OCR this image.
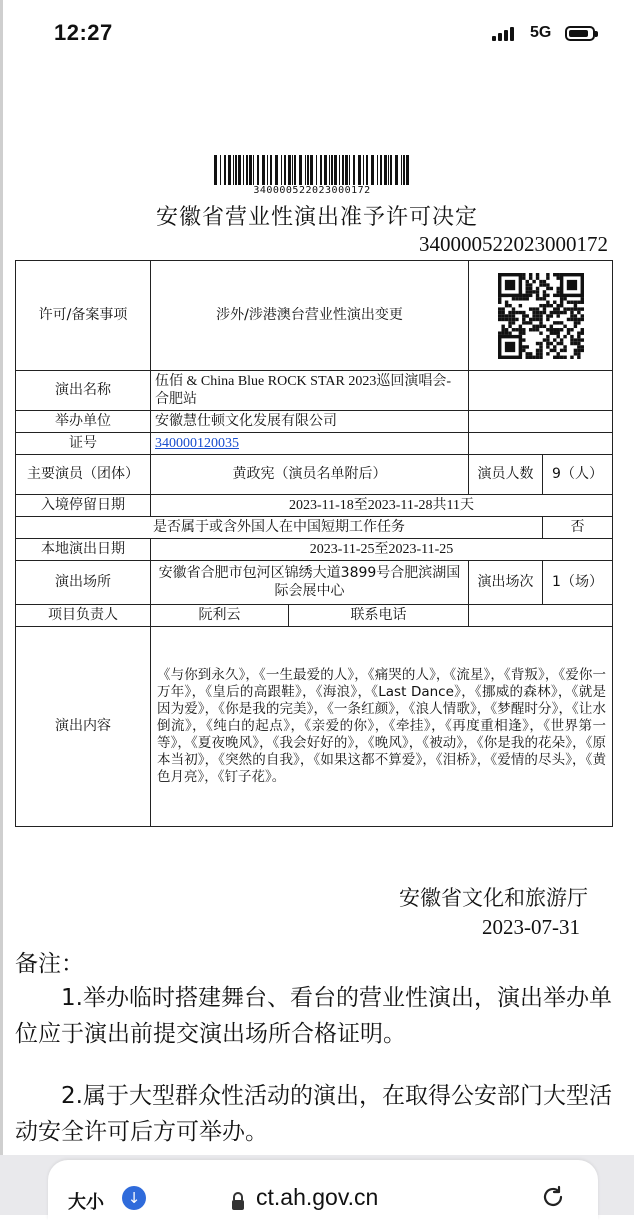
12:27	5G
340000522023000172
安徽省营业性演出准予许可决定
340000522023000172
许可/备案事项	涉外/涉港澳台营业性演出变更	

演出名称	伍佰 & China Blue ROCK STAR 2023巡回演唱会-合肥站			
举办单位	安徽慧仕顿文化发展有限公司			
证号	340000120035			
主要演员（团体）	黄政宪（演员名单附后）		演员人数	9（人）
入境停留日期	2023-11-18至2023-11-28共11天			
是否属于或含外国人在中国短期工作任务				否
本地演出日期	2023-11-25至2023-11-25			
演出场所	安徽省合肥市包河区锦绣大道3899号合肥滨湖国际会展中心		演出场次	1（场）
项目负责人	阮利云	联系电话		
演出内容	《与你到永久》，《一生最爱的人》，《痛哭的人》，《流星》，《背叛》，《爱你一万年》，《皇后的高跟鞋》，《海浪》，《Last Dance》，《挪威的森林》，《就是因为爱》，《你是我的完美》，《一条红颜》，《浪人情歌》，《梦醒时分》，《让水倒流》，《纯白的起点》，《亲爱的你》，《牵挂》，《再度重相逢》，《世界第一等》，《夏夜晚风》，《我会好好的》，《晚风》，《被动》，《你是我的花朵》，《原本当初》，《突然的自我》，《如果这都不算爱》，《泪桥》，《爱情的尽头》，《黄色月亮》，《钉子花》。			
安徽省文化和旅游厅
2023-07-31
备注：
1.举办临时搭建舞台、看台的营业性演出，演出举办单位应于演出前提交演出场所合格证明。
2.属于大型群众性活动的演出，在取得公安部门大型活动安全许可后方可举办。
大小	↓	ct.ah.gov.cn
